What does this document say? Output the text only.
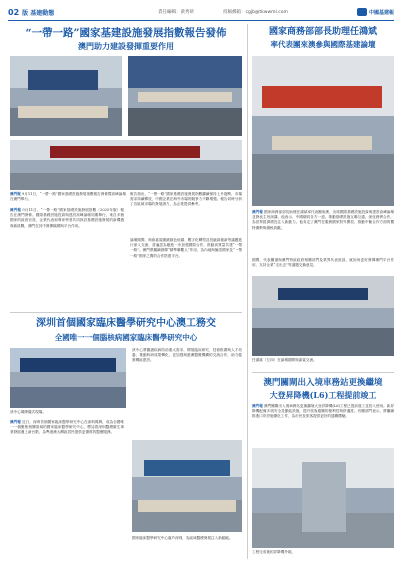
02 版 基建動態	責任編輯：黃秀妍	投稿郵箱：cgjb@tkwwml.com	中國基建報
“一帶一路”國家基建設施發展指數報告發佈
澳門助力建設發揮重要作用
澳門報 9月11日，“一帶一路”國家基礎設施發展指數報告發佈暨高峰論壇在澳門舉行。
澳門報 9月11日，“一帶一路”國家基礎設施發展指數（2025年版）報告在澳門發佈。國際基礎設施投資與建設高峰論壇同期舉行，來自多個國家的政府官員、企業代表和專家學者共同探討基礎設施發展的新機遇與新挑戰，澳門在其中發揮橋樑與平台作用。
報告指出，“一帶一路”國家基礎設施發展指數繼續保持上升趨勢，市場需求持續釋放，中國企業在海外市場的競爭力不斷增強。報告同時分析了各區域市場的發展潛力，為企業提供參考。
論壇期間，與會嘉賓圍繞綠色低碳、數字化轉型及投融資創新等議題進行深入交流，普遍認為應進一步加強國際合作，推動高質量共建“一帶一路”。澳門將繼續發揮“精準聯繫人”作用，為內地與葡語國家及“一帶一路”國家之間的合作搭建平台。
深圳首個國家臨床醫學研究中心澳工務交
全國唯一一個腦核病國家臨床醫學研究中心
該中心揭牌儀式現場。
澳門報 近日，深圳首個國家臨床醫學研究中心在深圳揭牌，成為全國唯一一個聚焦相關領域的國家臨床醫學研究中心，標誌着深圳醫療衛生事業發展邁上新台階，為粵港澳大灣區居民提供更優質的醫療服務。
該中心將圍繞疾病防治重大需求，開展臨床研究、技術推廣與人才培養，推動科研成果轉化，並加強與港澳醫療機構的交流合作，助力健康灣區建設。
國家臨床醫學研究中心落戶深圳，為區域醫療發展注入新動能。
國家商務部部長助理任鴻斌
率代表團來澳參與國際基建論壇
澳門報 國家商務部部長助理任鴻斌率代表團來澳，出席國際基礎設施投資與建設高峰論壇並發表主旨演講。他表示，中國願同各方一道，推動基礎設施互聯互通，深化務實合作，為世界經濟增長注入新動力。他肯定了澳門在服務國家對外開放、推動中葡合作方面的獨特優勢與積極貢獻。
期間，代表團還與澳門特區政府相關部門及業界代表座談，就如何更好發揮澳門平台作用、支持企業“走出去”等議題交換意見。
任鴻斌（左四）在論壇期間與嘉賓交流。
澳門關閘出入境車務站更換繼境
大登昇降機(L6)工程提前竣工
澳門報 澳門關閘出入境車務站更換繼境大登昇降機(L6)工程已提前竣工並投入使用。新昇降機配備多項安全及節能設施，提升旅客通關的便利性與舒適度。有關部門表示，將繼續推進口岸設施優化工作，為市民及旅客提供更好的通關體驗。
工程完成後的昇降機外貌。
